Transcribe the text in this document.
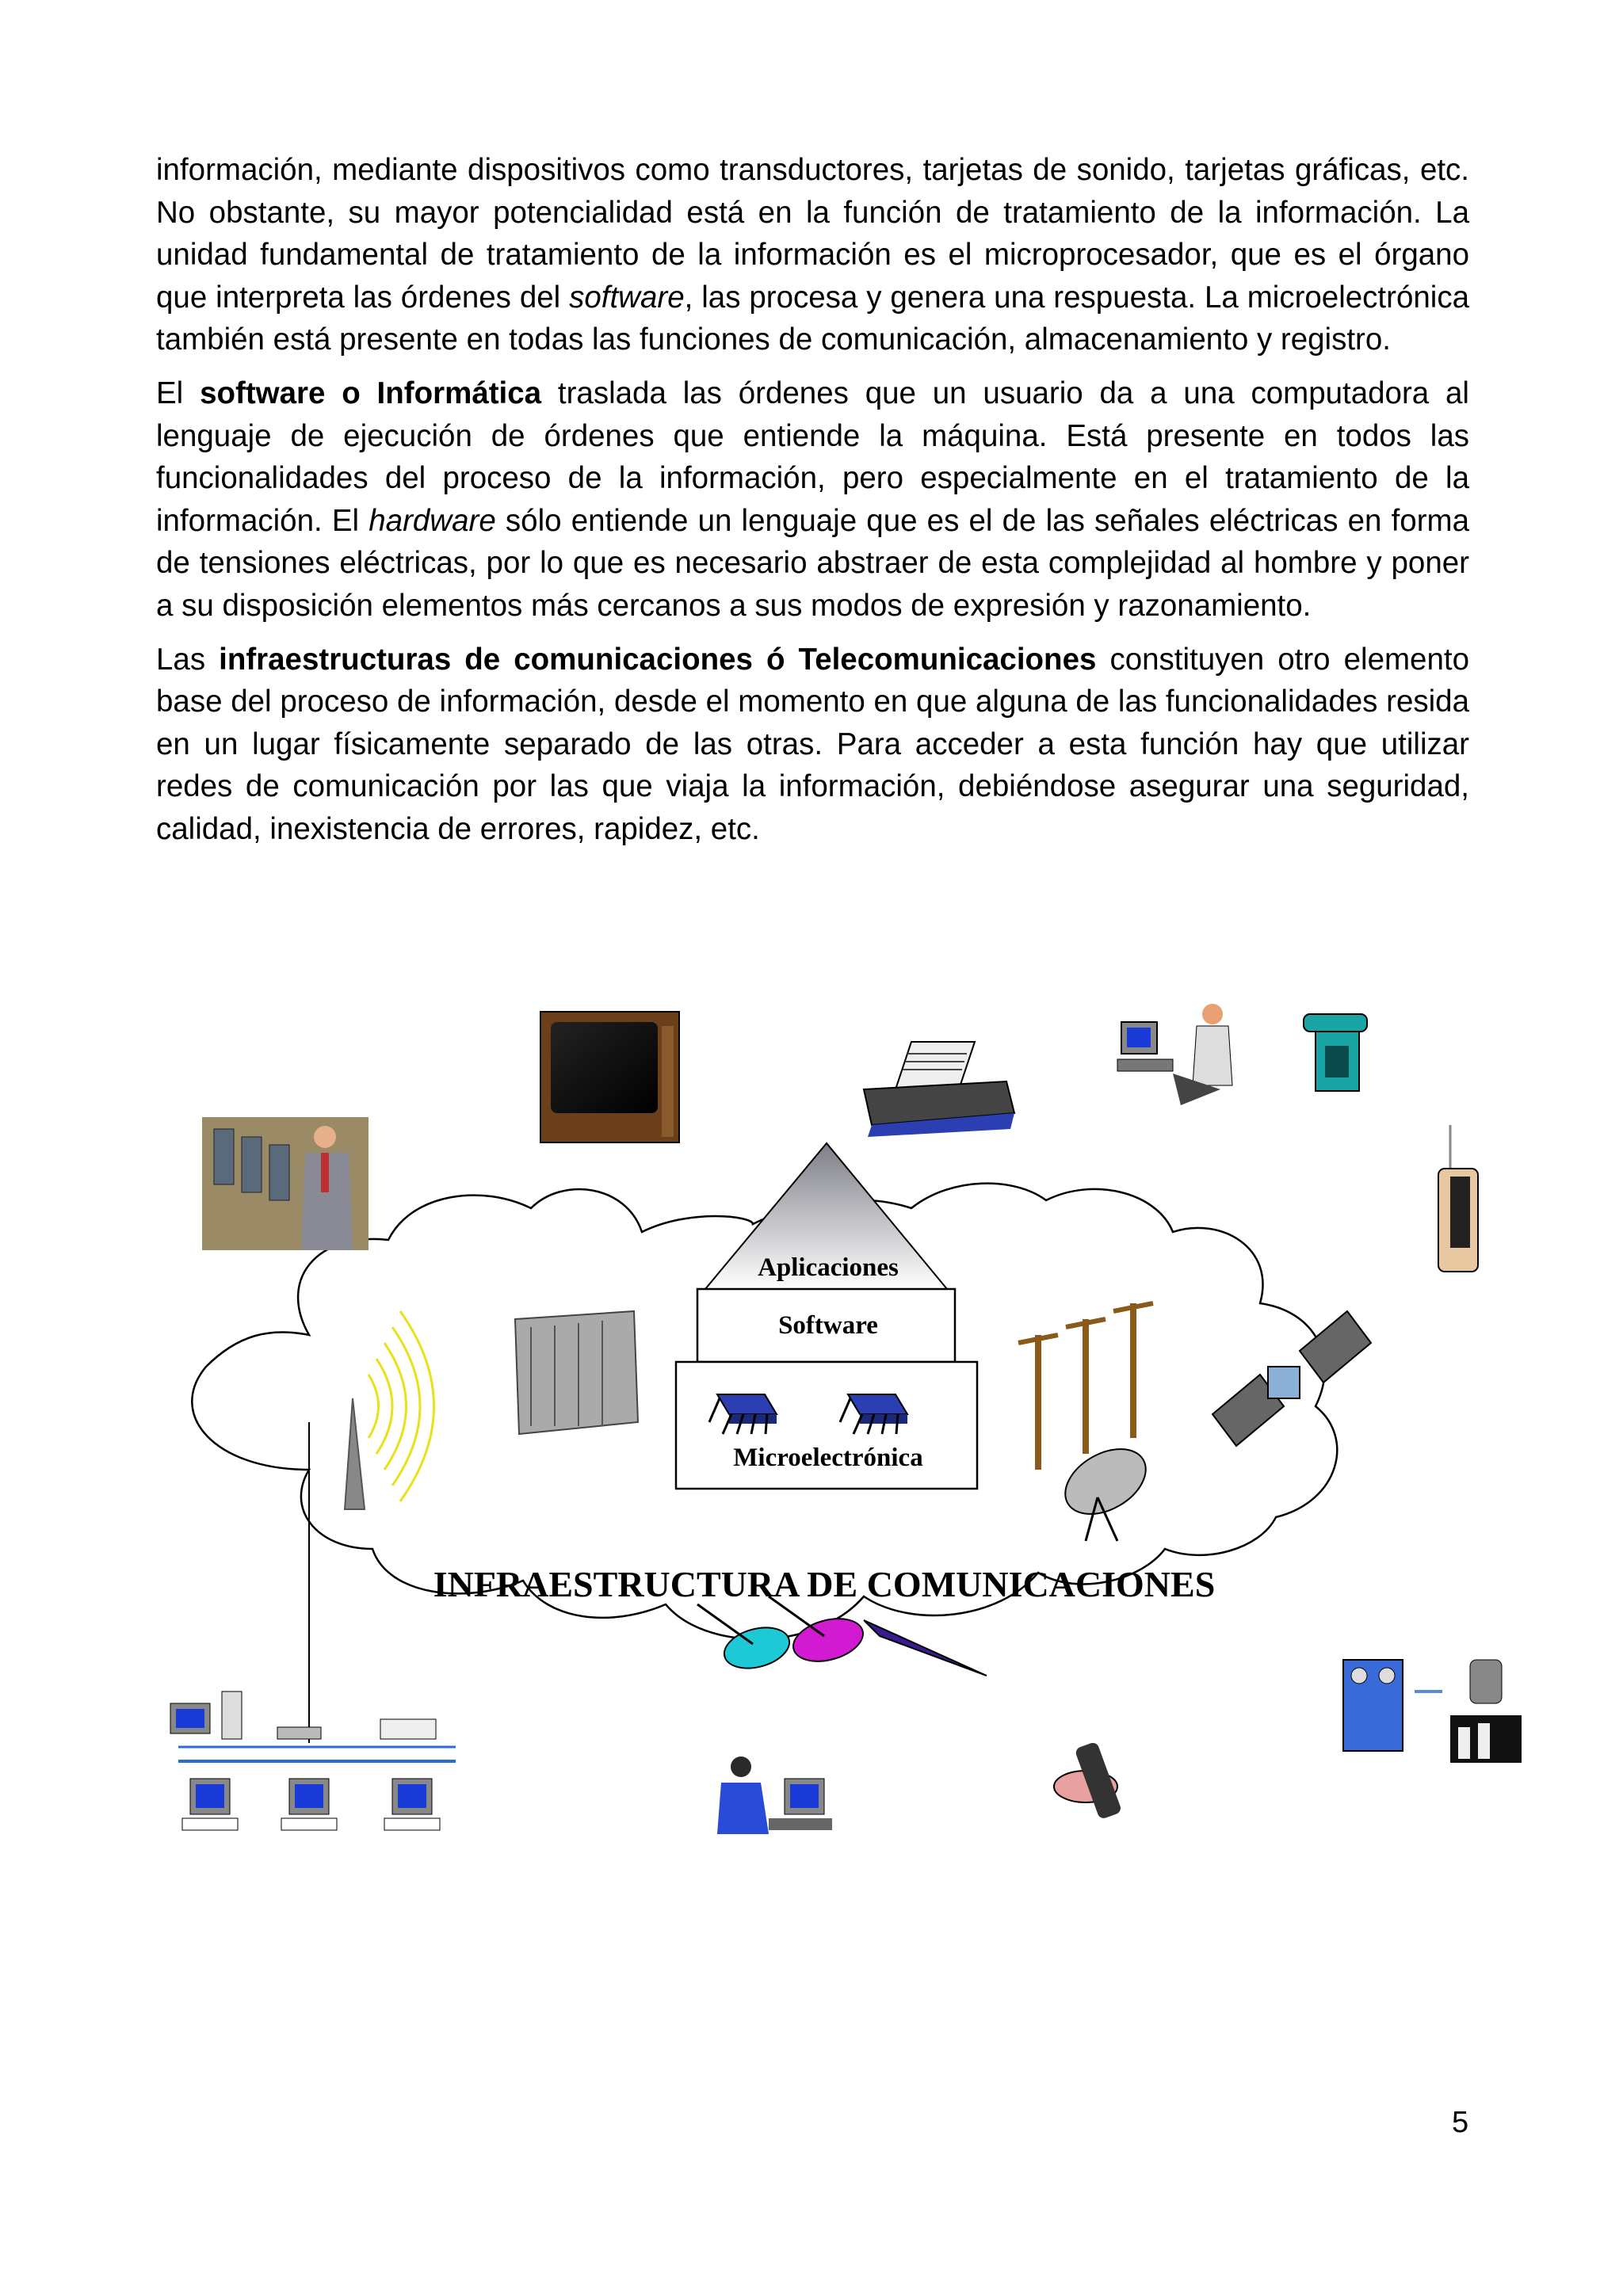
información, mediante dispositivos como transductores, tarjetas de sonido, tarjetas gráficas, etc. No obstante, su mayor potencialidad está en la función de tratamiento de la información. La unidad fundamental de tratamiento de la información es el microprocesador, que es el órgano que interpreta las órdenes del software, las procesa y genera una respuesta. La microelectrónica también está presente en todas las funciones de comunicación, almacenamiento y registro.

El software o Informática traslada las órdenes que un usuario da a una computadora al lenguaje de ejecución de órdenes que entiende la máquina. Está presente en todos las funcionalidades del proceso de la información, pero especialmente en el tratamiento de la información. El hardware sólo entiende un lenguaje que es el de las señales eléctricas en forma de tensiones eléctricas, por lo que es necesario abstraer de esta complejidad al hombre y poner a su disposición elementos más cercanos a sus modos de expresión y razonamiento.

Las infraestructuras de comunicaciones ó Telecomunicaciones constituyen otro elemento base del proceso de información, desde el momento en que alguna de las funcionalidades resida en un lugar físicamente separado de las otras. Para acceder a esta función hay que utilizar redes de comunicación por las que viaja la información, debiéndose asegurar una seguridad, calidad, inexistencia de errores, rapidez, etc.

Aplicaciones
Software
Microelectrónica
INFRAESTRUCTURA DE COMUNICACIONES
5
